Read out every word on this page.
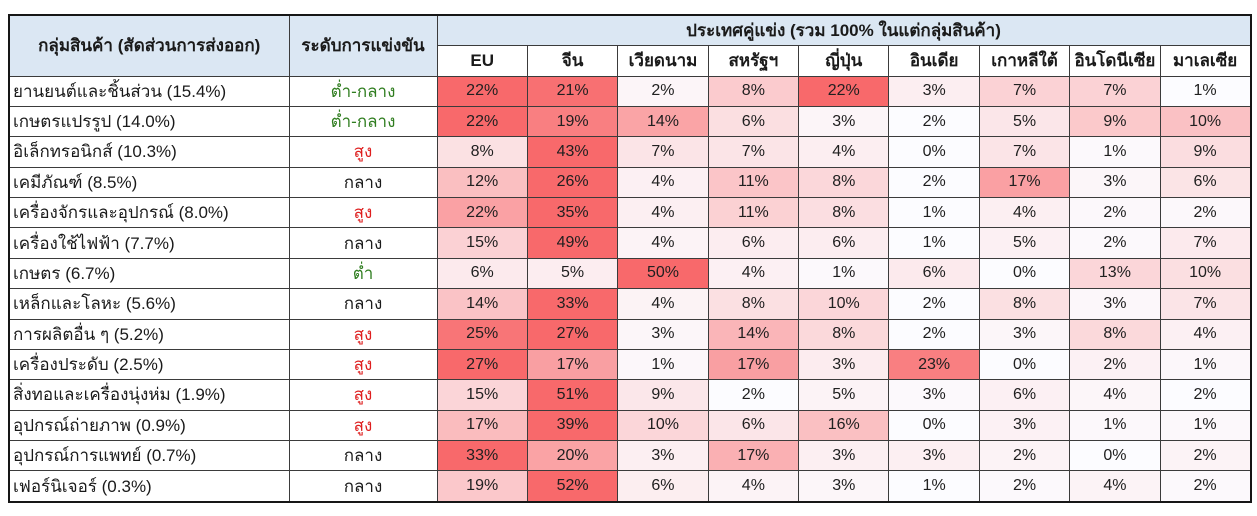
กลุ่มสินค้า (สัดส่วนการส่งออก)	ระดับการแข่งขัน	ประเทศคู่แข่ง (รวม 100% ในแต่กลุ่มสินค้า)								
		EU	จีน	เวียดนาม	สหรัฐฯ	ญี่ปุ่น	อินเดีย	เกาหลีใต้	อินโดนีเซีย	มาเลเซีย
ยานยนต์และชิ้นส่วน (15.4%)	ต่ำ-กลาง	22%	21%	2%	8%	22%	3%	7%	7%	1%
เกษตรแปรรูป (14.0%)	ต่ำ-กลาง	22%	19%	14%	6%	3%	2%	5%	9%	10%
อิเล็กทรอนิกส์ (10.3%)	สูง	8%	43%	7%	7%	4%	0%	7%	1%	9%
เคมีภัณฑ์ (8.5%)	กลาง	12%	26%	4%	11%	8%	2%	17%	3%	6%
เครื่องจักรและอุปกรณ์ (8.0%)	สูง	22%	35%	4%	11%	8%	1%	4%	2%	2%
เครื่องใช้ไฟฟ้า (7.7%)	กลาง	15%	49%	4%	6%	6%	1%	5%	2%	7%
เกษตร (6.7%)	ต่ำ	6%	5%	50%	4%	1%	6%	0%	13%	10%
เหล็กและโลหะ (5.6%)	กลาง	14%	33%	4%	8%	10%	2%	8%	3%	7%
การผลิตอื่น ๆ (5.2%)	สูง	25%	27%	3%	14%	8%	2%	3%	8%	4%
เครื่องประดับ (2.5%)	สูง	27%	17%	1%	17%	3%	23%	0%	2%	1%
สิ่งทอและเครื่องนุ่งห่ม (1.9%)	สูง	15%	51%	9%	2%	5%	3%	6%	4%	2%
อุปกรณ์ถ่ายภาพ (0.9%)	สูง	17%	39%	10%	6%	16%	0%	3%	1%	1%
อุปกรณ์การแพทย์ (0.7%)	กลาง	33%	20%	3%	17%	3%	3%	2%	0%	2%
เฟอร์นิเจอร์ (0.3%)	กลาง	19%	52%	6%	4%	3%	1%	2%	4%	2%
